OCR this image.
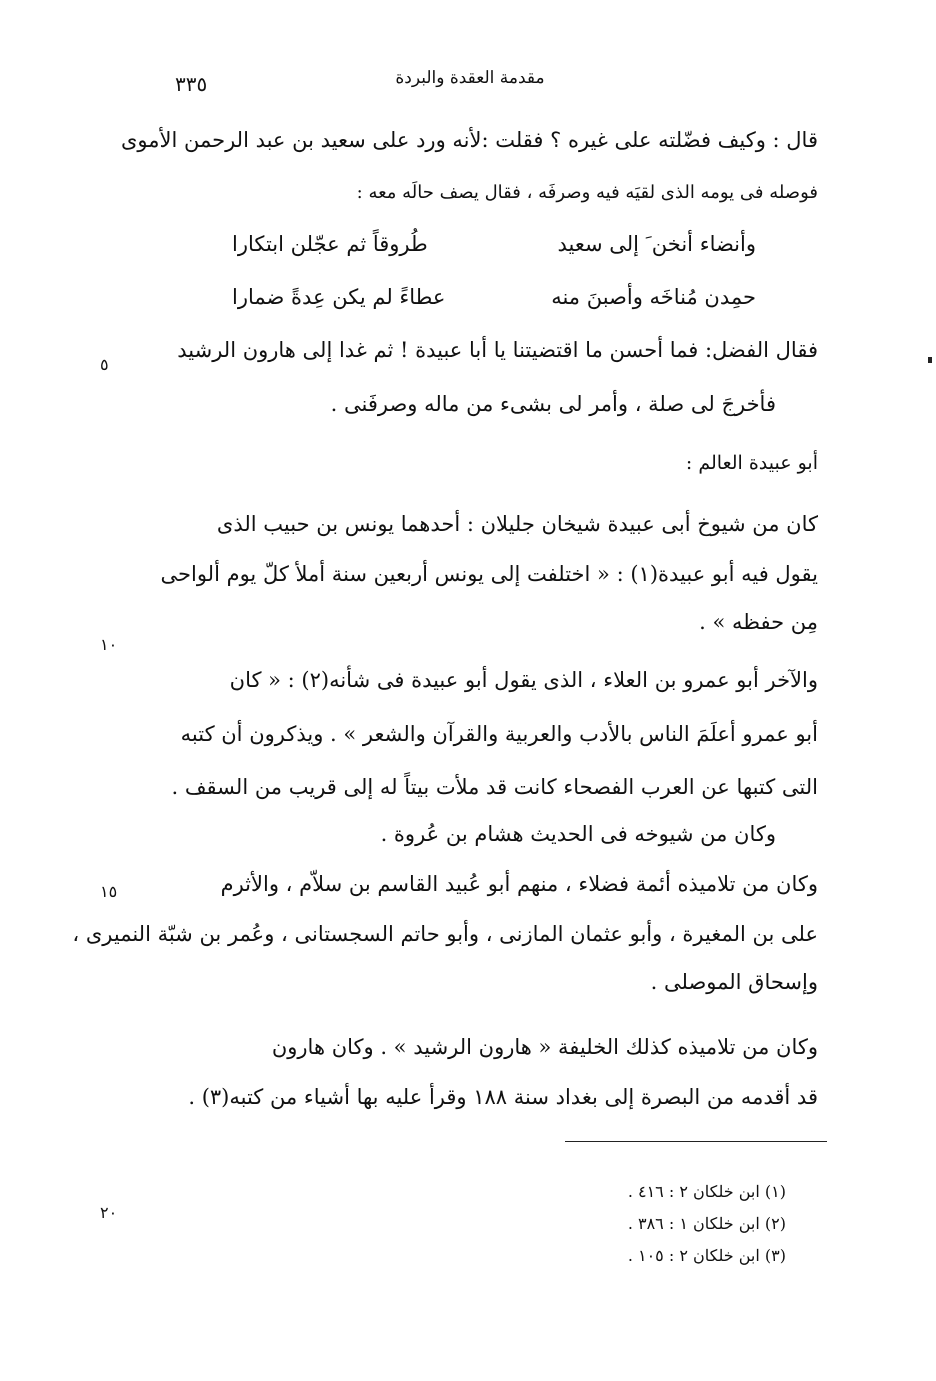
مقدمة العقدة والبردة
٣٣٥
قال : وكيف فضّلته على غيره ؟ فقلت :لأنه ورد على سعيد بن عبد الرحمن الأموى
فوصله فى يومه الذى لقيَه فيه وصرفَه ، فقال يصف حالَه معه :
وأنضاء أنخن َ إلى سعيد
طُروقاً ثم عجّلن ابتكارا
حمِدن مُناخَه وأصبنَ منه
عطاءً لم يكن عِدةً ضمارا
فقال الفضل: فما أحسن ما اقتضيتنا يا أبا عبيدة ! ثم غدا إلى هارون الرشيد
فأخرجَ لى صلة ، وأمر لى بشىء من ماله وصرفَنى .
أبو عبيدة العالم :
كان من شيوخ أبى عبيدة شيخان جليلان : أحدهما يونس بن حبيب الذى
يقول فيه أبو عبيدة(١) : « اختلفت إلى يونس أربعين سنة أملأ كلّ يوم ألواحى
مِن حفظه » .
والآخر أبو عمرو بن العلاء ، الذى يقول أبو عبيدة فى شأنه(٢) : « كان
أبو عمرو أعلَمَ الناس بالأدب والعربية والقرآن والشعر » . ويذكرون أن كتبه
التى كتبها عن العرب الفصحاء كانت قد ملأت بيتاً له إلى قريب من السقف .
وكان من شيوخه فى الحديث هشام بن عُروة .
وكان من تلاميذه أئمة فضلاء ، منهم أبو عُبيد القاسم بن سلاّم ، والأثرم
على بن المغيرة ، وأبو عثمان المازنى ، وأبو حاتم السجستانى ، وعُمر بن شبّة النميرى ،
وإسحاق الموصلى .
وكان من تلاميذه كذلك الخليفة « هارون الرشيد » . وكان هارون
قد أقدمه من البصرة إلى بغداد سنة ١٨٨ وقرأ عليه بها أشياء من كتبه(٣) .
٥
١٠
١٥
٢٠
(١) ابن خلكان ٢ : ٤١٦ .
(٢) ابن خلكان ١ : ٣٨٦ .
(٣) ابن خلكان ٢ : ١٠٥ .
